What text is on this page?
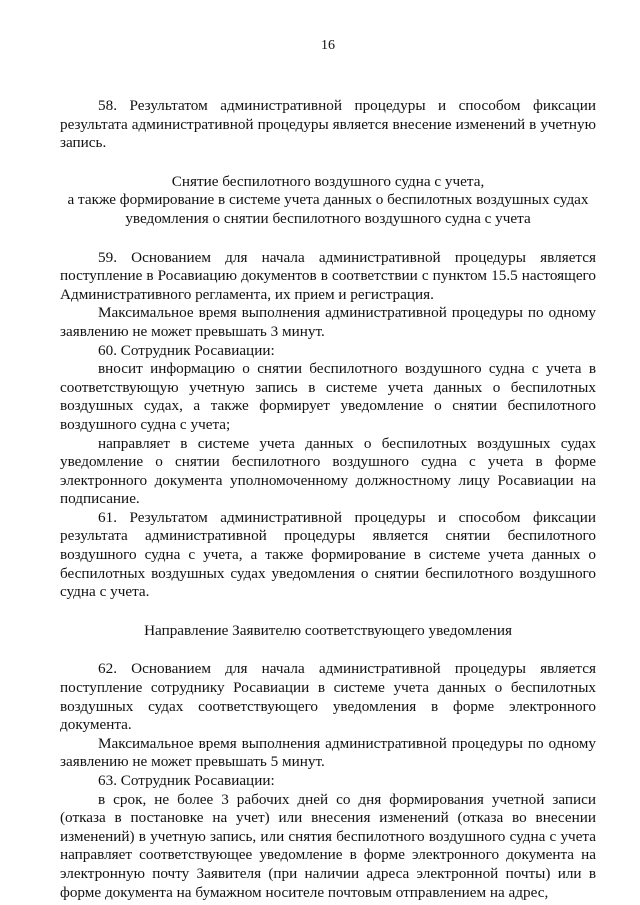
16

58. Результатом административной процедуры и способом фиксации результата административной процедуры является внесение изменений в учетную запись.

Снятие беспилотного воздушного судна с учета,
а также формирование в системе учета данных о беспилотных воздушных судах
уведомления о снятии беспилотного воздушного судна с учета

59. Основанием для начала административной процедуры является поступление в Росавиацию документов в соответствии с пунктом 15.5 настоящего Административного регламента, их прием и регистрация.

Максимальное время выполнения административной процедуры по одному заявлению не может превышать 3 минут.

60. Сотрудник Росавиации:

вносит информацию о снятии беспилотного воздушного судна с учета в соответствующую учетную запись в системе учета данных о беспилотных воздушных судах, а также формирует уведомление о снятии беспилотного воздушного судна с учета;

направляет в системе учета данных о беспилотных воздушных судах уведомление о снятии беспилотного воздушного судна с учета в форме электронного документа уполномоченному должностному лицу Росавиации на подписание.

61. Результатом административной процедуры и способом фиксации результата административной процедуры является снятии беспилотного воздушного судна с учета, а также формирование в системе учета данных о беспилотных воздушных судах уведомления о снятии беспилотного воздушного судна с учета.

Направление Заявителю соответствующего уведомления

62. Основанием для начала административной процедуры является поступление сотруднику Росавиации в системе учета данных о беспилотных воздушных судах соответствующего уведомления в форме электронного документа.

Максимальное время выполнения административной процедуры по одному заявлению не может превышать 5 минут.

63. Сотрудник Росавиации:

в срок, не более 3 рабочих дней со дня формирования учетной записи (отказа в постановке на учет) или внесения изменений (отказа во внесении изменений) в учетную запись, или снятия беспилотного воздушного судна с учета направляет соответствующее уведомление в форме электронного документа на электронную почту Заявителя (при наличии адреса электронной почты) или в форме документа на бумажном носителе почтовым отправлением на адрес,
